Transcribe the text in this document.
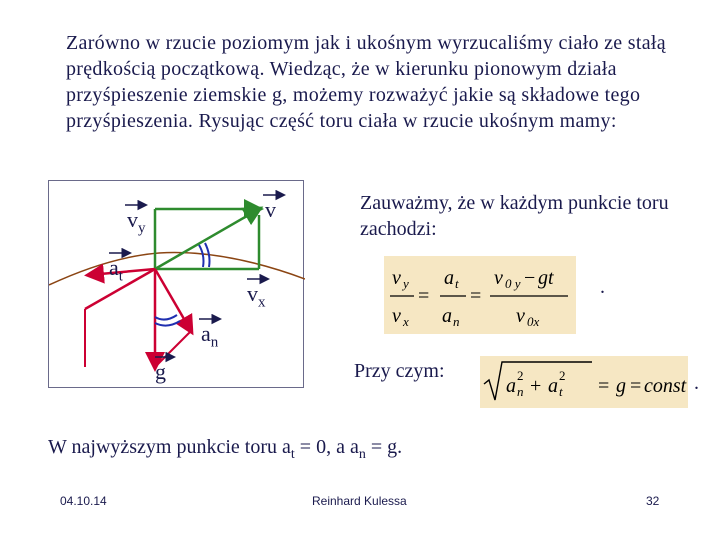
Zarówno w rzucie poziomym jak i ukośnym wyrzucaliśmy ciało ze stałą prędkością początkową. Wiedząc, że w kierunku pionowym działa przyśpieszenie ziemskie g, możemy rozważyć jakie są składowe tego przyśpieszenia. Rysując część toru ciała w rzucie ukośnym mamy:

v
$v_y$
$v_x$
$a_t$
$a_n$
g

Zauważmy, że w każdym punkcie toru zachodzi:

v y
v x
=
a t
a n
=
v 0 y − gt
v 0x
.
Przy czym:
a n
2 + a t
2 = g = const .
W najwyższym punkcie toru $a_t = 0$, a $a_n = g$.
04.10.14	Reinhard Kulessa	32
